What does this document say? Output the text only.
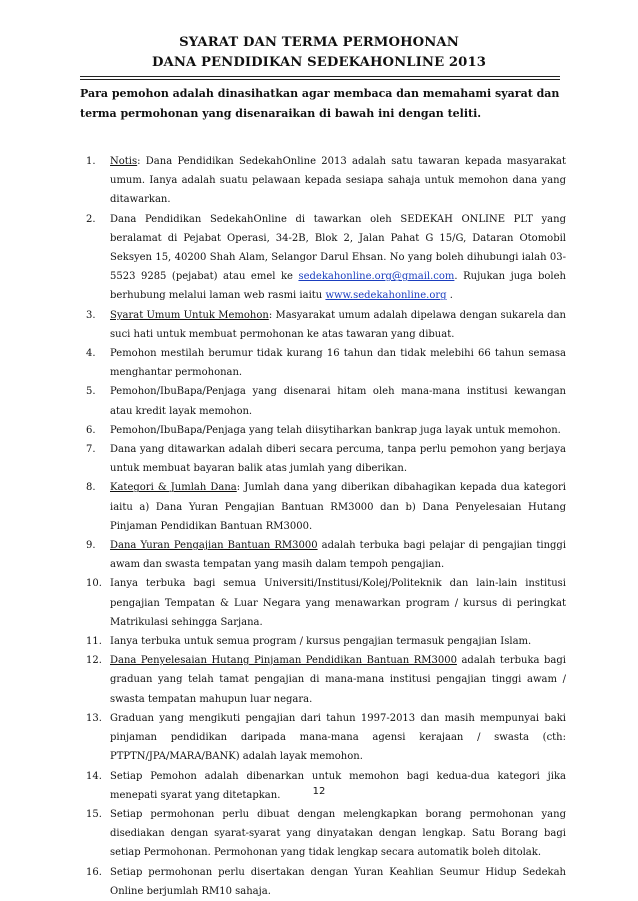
SYARAT DAN TERMA PERMOHONAN
DANA PENDIDIKAN SEDEKAHONLINE 2013
Para pemohon adalah dinasihatkan agar membaca dan memahami syarat dan terma permohonan yang disenaraikan di bawah ini dengan teliti.
1. Notis: Dana Pendidikan SedekahOnline 2013 adalah satu tawaran kepada masyarakat umum. Ianya adalah suatu pelawaan kepada sesiapa sahaja untuk memohon dana yang ditawarkan.
2. Dana Pendidikan SedekahOnline di tawarkan oleh SEDEKAH ONLINE PLT yang beralamat di Pejabat Operasi, 34-2B, Blok 2, Jalan Pahat G 15/G, Dataran Otomobil Seksyen 15, 40200 Shah Alam, Selangor Darul Ehsan. No yang boleh dihubungi ialah 03-5523 9285 (pejabat) atau emel ke sedekahonline.org@gmail.com. Rujukan juga boleh berhubung melalui laman web rasmi iaitu www.sedekahonline.org .
3. Syarat Umum Untuk Memohon: Masyarakat umum adalah dipelawa dengan sukarela dan suci hati untuk membuat permohonan ke atas tawaran yang dibuat.
4. Pemohon mestilah berumur tidak kurang 16 tahun dan tidak melebihi 66 tahun semasa menghantar permohonan.
5. Pemohon/IbuBapa/Penjaga yang disenarai hitam oleh mana-mana institusi kewangan atau kredit layak memohon.
6. Pemohon/IbuBapa/Penjaga yang telah diisytiharkan bankrap juga layak untuk memohon.
7. Dana yang ditawarkan adalah diberi secara percuma, tanpa perlu pemohon yang berjaya untuk membuat bayaran balik atas jumlah yang diberikan.
8. Kategori & Jumlah Dana: Jumlah dana yang diberikan dibahagikan kepada dua kategori iaitu a) Dana Yuran Pengajian Bantuan RM3000 dan b) Dana Penyelesaian Hutang Pinjaman Pendidikan Bantuan RM3000.
9. Dana Yuran Pengajian Bantuan RM3000 adalah terbuka bagi pelajar di pengajian tinggi awam dan swasta tempatan yang masih dalam tempoh pengajian.
10. Ianya terbuka bagi semua Universiti/Institusi/Kolej/Politeknik dan lain-lain institusi pengajian Tempatan & Luar Negara yang menawarkan program / kursus di peringkat Matrikulasi sehingga Sarjana.
11. Ianya terbuka untuk semua program / kursus pengajian termasuk pengajian Islam.
12. Dana Penyelesaian Hutang Pinjaman Pendidikan Bantuan RM3000 adalah terbuka bagi graduan yang telah tamat pengajian di mana-mana institusi pengajian tinggi awam / swasta tempatan mahupun luar negara.
13. Graduan yang mengikuti pengajian dari tahun 1997-2013 dan masih mempunyai baki pinjaman pendidikan daripada mana-mana agensi kerajaan / swasta (cth: PTPTN/JPA/MARA/BANK) adalah layak memohon.
14. Setiap Pemohon adalah dibenarkan untuk memohon bagi kedua-dua kategori jika menepati syarat yang ditetapkan.
15. Setiap permohonan perlu dibuat dengan melengkapkan borang permohonan yang disediakan dengan syarat-syarat yang dinyatakan dengan lengkap. Satu Borang bagi setiap Permohonan. Permohonan yang tidak lengkap secara automatik boleh ditolak.
16. Setiap permohonan perlu disertakan dengan Yuran Keahlian Seumur Hidup Sedekah Online berjumlah RM10 sahaja.
12
